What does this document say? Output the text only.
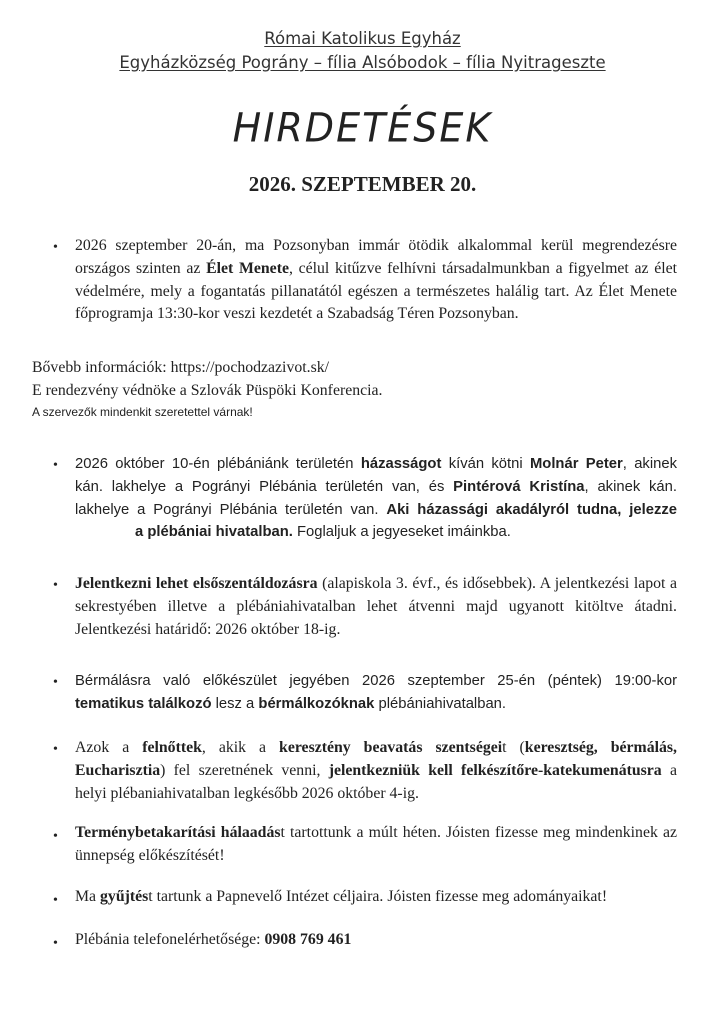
Római Katolikus Egyház
Egyházközség Pográny – fília Alsóbodok – fília Nyitrageszte
HIRDETÉSEK
2026. SZEPTEMBER 20.
• 2026 szeptember 20-án, ma Pozsonyban immár ötödik alkalommal kerül megrendezésre országos szinten az Élet Menete, célul kitűzve felhívni társadalmunkban a figyelmet az élet védelmére, mely a fogantatás pillanatától egészen a természetes halálig tart. Az Élet Menete főprogramja 13:30-kor veszi kezdetét a Szabadság Téren Pozsonyban.
Bővebb információk: https://pochodzazivot.sk/
E rendezvény védnöke a Szlovák Püspöki Konferencia.
A szervezők mindenkit szeretettel várnak!
• 2026 október 10-én plébániánk területén házasságot kíván kötni Molnár Peter, akinek kán. lakhelye a Pogrányi Plébánia területén van, és Pintérová Kristína, akinek kán. lakhelye a Pogrányi Plébánia területén van. Aki házassági akadályról tudna, jelezzea plébániai hivatalban. Foglaljuk a jegyeseket imáinkba.
• Jelentkezni lehet elsőszentáldozásra (alapiskola 3. évf., és idősebbek). A jelentkezési lapot a sekrestyében illetve a plébániahivatalban lehet átvenni majd ugyanott kitöltve átadni. Jelentkezési határidő: 2026 október 18-ig.
• Bérmálásra való előkészület jegyében 2026 szeptember 25-én (péntek) 19:00-kor tematikus találkozó lesz a bérmálkozóknak plébániahivatalban.
• Azok a felnőttek, akik a keresztény beavatás szentségeit (keresztség, bérmálás, Eucharisztia) fel szeretnének venni, jelentkezniük kell felkészítőre-katekumenátusra a helyi plébaniahivatalban legkésőbb 2026 október 4-ig.
• Terménybetakarítási hálaadást tartottunk a múlt héten. Jóisten fizesse meg mindenkinek az ünnepség előkészítését!
• Ma gyűjtést tartunk a Papnevelő Intézet céljaira. Jóisten fizesse meg adományaikat!
• Plébánia telefonelérhetősége: 0908 769 461
